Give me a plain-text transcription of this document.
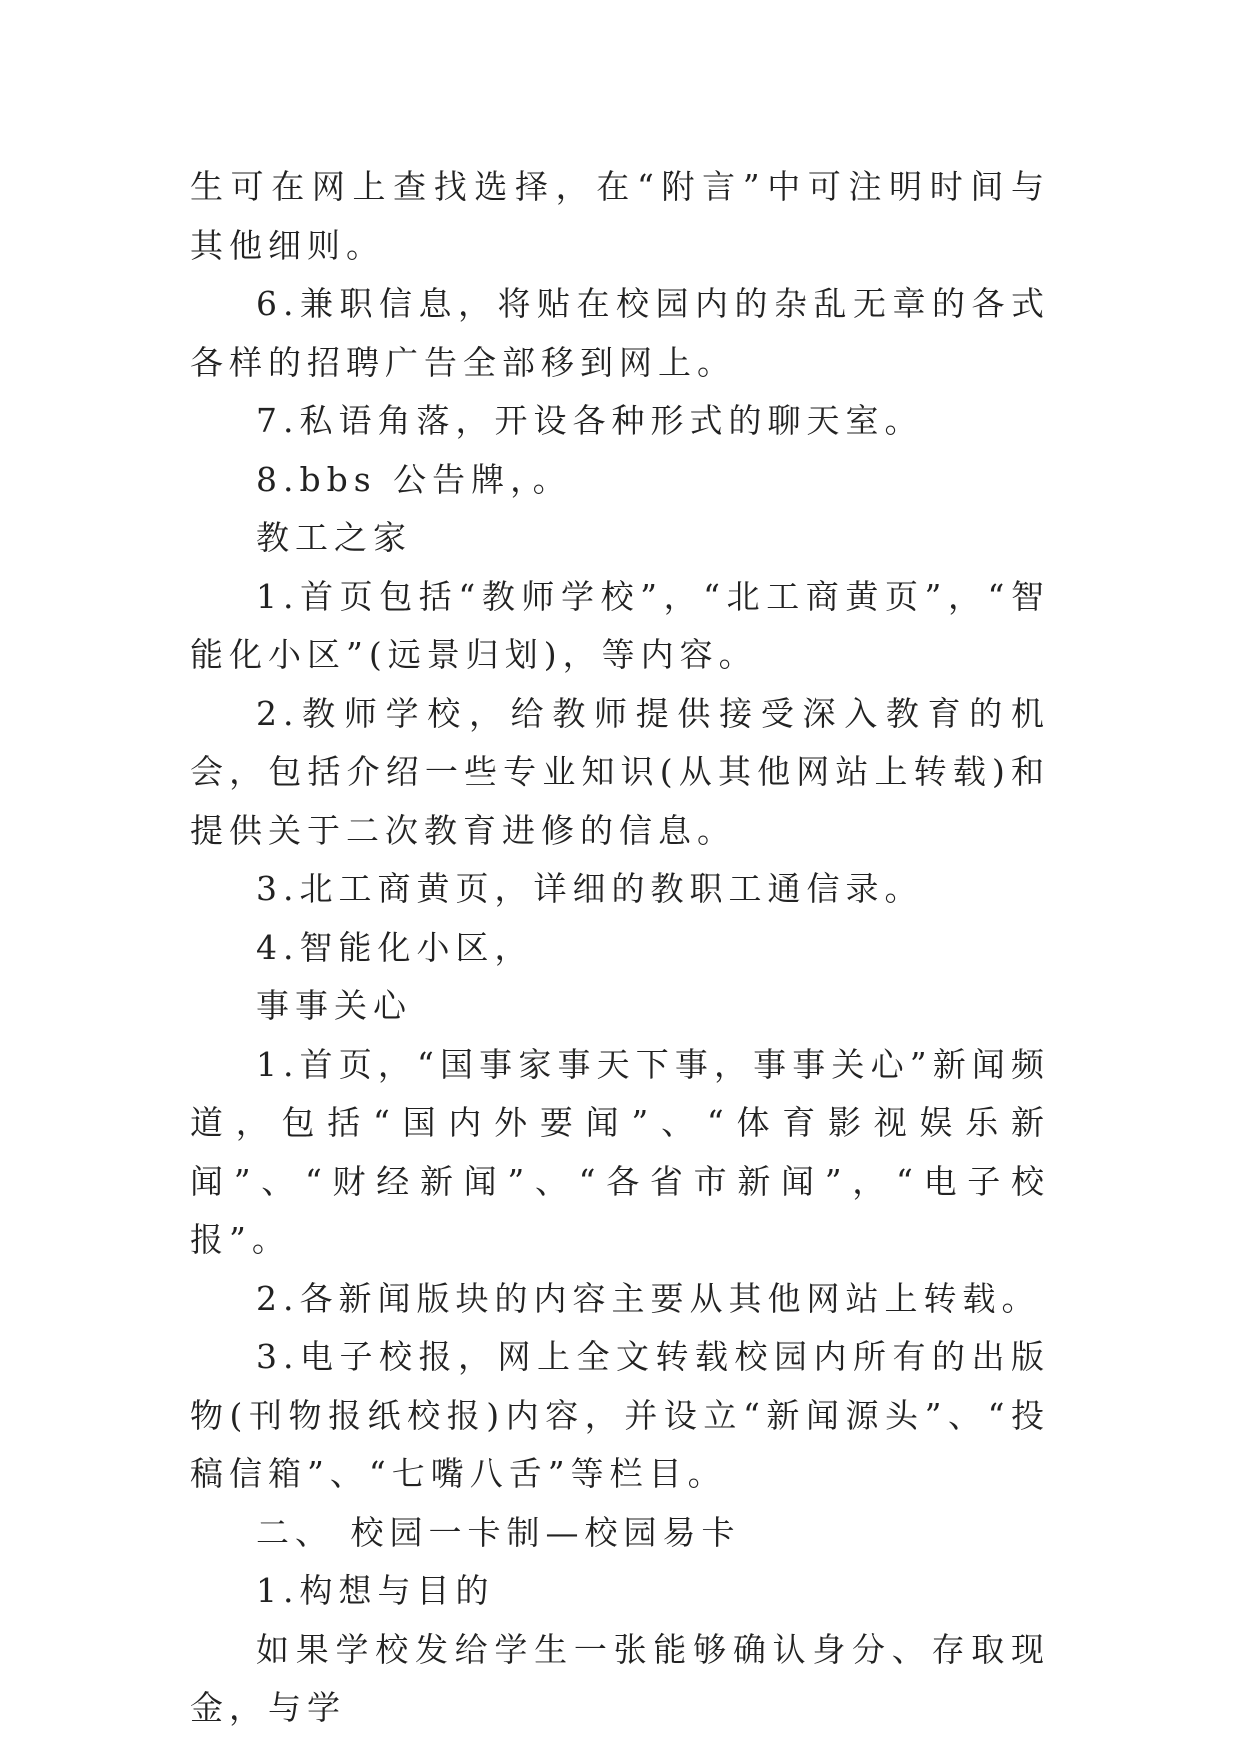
生可在网上查找选择，在“附言”中可注明时间与其他细则。

6.兼职信息，将贴在校园内的杂乱无章的各式各样的招聘广告全部移到网上。

7.私语角落，开设各种形式的聊天室。

8.bbs 公告牌，。

教工之家

1.首页包括“教师学校”，“北工商黄页”，“智能化小区”(远景归划)，等内容。

2.教师学校，给教师提供接受深入教育的机会，包括介绍一些专业知识(从其他网站上转载)和提供关于二次教育进修的信息。

3.北工商黄页，详细的教职工通信录。

4.智能化小区，

事事关心

1.首页，“国事家事天下事，事事关心”新闻频道，包括“国内外要闻”、“体育影视娱乐新闻”、“财经新闻”、“各省市新闻”，“电子校报”。

2.各新闻版块的内容主要从其他网站上转载。

3.电子校报，网上全文转载校园内所有的出版物(刊物报纸校报)内容，并设立“新闻源头”、“投稿信箱”、“七嘴八舌”等栏目。

二、 校园一卡制—校园易卡

1.构想与目的

如果学校发给学生一张能够确认身分、存取现金，与学
